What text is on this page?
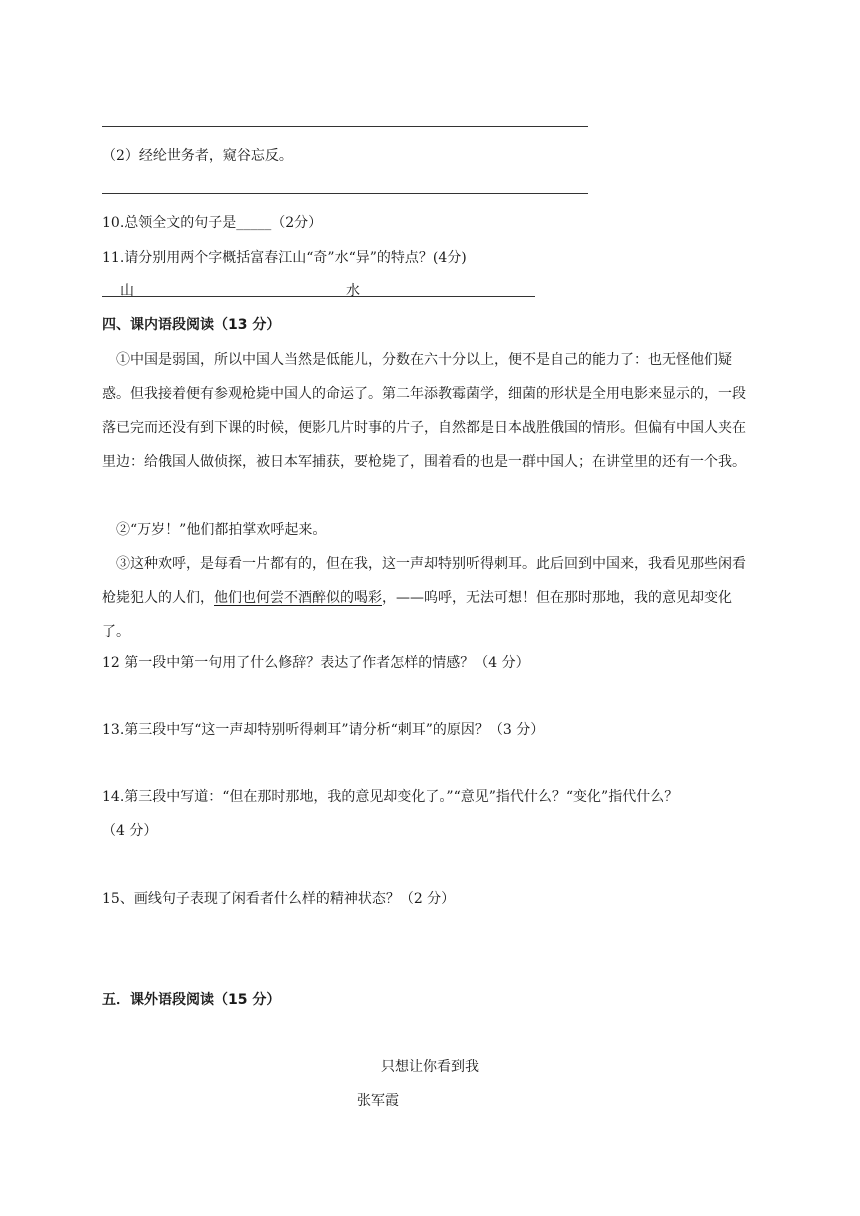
（2）经纶世务者，窥谷忘反。
10.总领全文的句子是_____（2分）
11.请分别用两个字概括富春江山“奇”水“异”的特点？(4分)
山	水
四、课内语段阅读（13 分）
①中国是弱国，所以中国人当然是低能儿，分数在六十分以上，便不是自己的能力了：也无怪他们疑惑。但我接着便有参观枪毙中国人的命运了。第二年添教霉菌学，细菌的形状是全用电影来显示的，一段落已完而还没有到下课的时候，便影几片时事的片子，自然都是日本战胜俄国的情形。但偏有中国人夹在里边：给俄国人做侦探，被日本军捕获，要枪毙了，围着看的也是一群中国人；在讲堂里的还有一个我。
②“万岁！”他们都拍掌欢呼起来。
③这种欢呼，是每看一片都有的，但在我，这一声却特别听得刺耳。此后回到中国来，我看见那些闲看枪毙犯人的人们，他们也何尝不酒醉似的喝彩，——呜呼，无法可想！但在那时那地，我的意见却变化了。
12 第一段中第一句用了什么修辞？表达了作者怎样的情感？（4 分）
13.第三段中写“这一声却特别听得刺耳”请分析“刺耳”的原因？（3 分）
14.第三段中写道：“但在那时那地，我的意见却变化了。”“意见”指代什么？“变化”指代什么？
（4 分）
15、画线句子表现了闲看者什么样的精神状态？（2 分）
五．课外语段阅读（15 分）
只想让你看到我
张军霞
